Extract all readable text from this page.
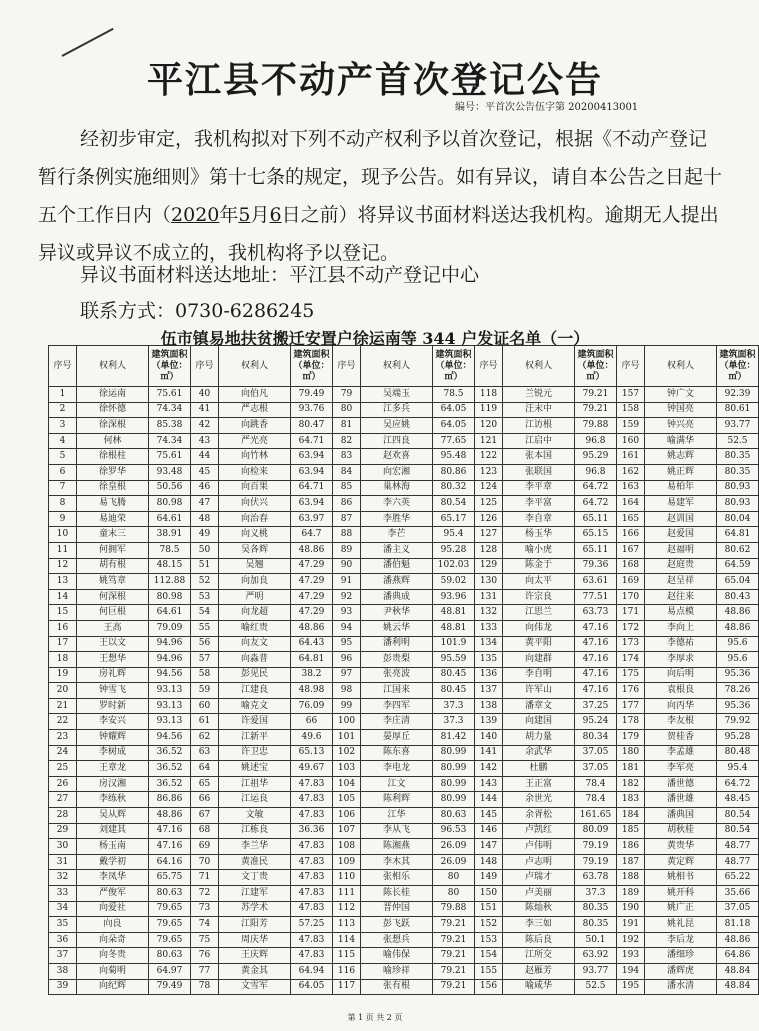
平江县不动产首次登记公告
编号：平首次公告伍字第 20200413001
经初步审定，我机构拟对下列不动产权利予以首次登记，根据《不动产登记暂行条例实施细则》第十七条的规定，现予公告。如有异议，请自本公告之日起十五个工作日内（2020年5月6日之前）将异议书面材料送达我机构。逾期无人提出异议或异议不成立的，我机构将予以登记。
异议书面材料送达地址：平江县不动产登记中心
联系方式：0730-6286245
伍市镇易地扶贫搬迁安置户徐运南等 344 户发证名单（一）
序号	权利人	建筑面积（单位：㎡）	序号	权利人	建筑面积（单位：㎡）	序号	权利人	建筑面积（单位：㎡）	序号	权利人	建筑面积（单位：㎡）	序号	权利人	建筑面积（单位：㎡）
1	徐运南	75.61	40	向伯凡	79.49	79	吴端玉	78.5	118	兰锐元	79.21	157	钟广文	92.39
2	徐怀德	74.34	41	严志根	93.76	80	江多兵	64.05	119	汪末中	79.21	158	钟国亮	80.61
3	徐深根	85.38	42	向跳香	80.47	81	吴应姚	64.05	120	江访根	79.88	159	钟兴亮	93.77
4	何林	74.34	43	严光亮	64.71	82	江四良	77.65	121	江启中	96.8	160	喻满华	52.5
5	徐根柱	75.61	44	向竹林	63.94	83	赵欢喜	95.48	122	张本国	95.29	161	姚志辉	80.35
6	徐罗华	93.48	45	向检来	63.94	84	向宏湘	80.86	123	张联国	96.8	162	姚正辉	80.35
7	徐皇根	50.56	46	向百果	64.71	85	巢林海	80.32	124	李平章	64.72	163	易柏年	80.93
8	易飞腾	80.98	47	向伏兴	63.94	86	李六英	80.54	125	李平富	64.72	164	易建军	80.93
9	易迪荣	64.61	48	向治春	63.97	87	李胜华	65.17	126	李自章	65.11	165	赵训国	80.04
10	童末三	38.91	49	向义桃	64.7	88	李芒	95.4	127	杨玉华	65.15	166	赵爱国	64.81
11	何拥军	78.5	50	吴各辉	48.86	89	潘主义	95.28	128	喻小虎	65.11	167	赵福明	80.62
12	胡有根	48.15	51	吴翘	47.29	90	潘伯魁	102.03	129	陈金于	79.36	168	赵庭贵	64.59
13	姚笃章	112.88	52	向加良	47.29	91	潘燕辉	59.02	130	向太平	63.61	169	赵呈祥	65.04
14	何深根	80.98	53	严明	47.29	92	潘典成	93.96	131	许宗良	77.51	170	赵往来	80.43
15	何巨根	64.61	54	向龙超	47.29	93	尹秋华	48.81	132	江思兰	63.73	171	易点模	48.86
16	王高	79.09	55	喻红贵	48.86	94	姚云华	48.81	133	向伟龙	47.16	172	李向上	48.86
17	王以文	94.96	56	向友文	64.43	95	潘利明	101.9	134	黄平阳	47.16	173	李德祐	95.6
18	王想华	94.96	57	向淼普	64.81	96	彭贵梨	95.59	135	向建群	47.16	174	李厚求	95.6
19	房礼辉	94.56	58	彭见民	38.2	97	张亮波	80.45	136	李自明	47.16	175	向后明	95.36
20	钟雪飞	93.13	59	江建良	48.98	98	江国来	80.45	137	许军山	47.16	176	袁根良	78.26
21	罗时新	93.13	60	喻克文	76.09	99	李四军	37.3	138	潘章文	37.25	177	向丙华	95.36
22	李安兴	93.13	61	许爱国	66	100	李庄清	37.3	139	向建国	95.24	178	李友根	79.92
23	钟耀辉	94.56	62	江新平	49.6	101	晏厚丘	81.42	140	胡力量	80.34	179	贺桂香	95.28
24	李树成	36.52	63	许卫忠	65.13	102	陈东喜	80.99	141	余武华	37.05	180	李孟雄	80.48
25	王章龙	36.52	64	姚述宝	49.67	103	李电龙	80.99	142	杜鹏	37.05	181	李军亮	95.4
26	房汉湘	36.52	65	江祖华	47.83	104	江文	80.99	143	王正富	78.4	182	潘世德	64.72
27	李练秋	86.86	66	江运良	47.83	105	陈利辉	80.99	144	余世光	78.4	183	潘世雄	48.45
28	吴从辉	48.86	67	文敏	47.83	106	江华	80.63	145	余胥松	161.65	184	潘典国	80.54
29	刘建其	47.16	68	江栋良	36.36	107	李从飞	96.53	146	卢凯红	80.09	185	胡秋桂	80.54
30	杨玉南	47.16	69	李兰华	47.83	108	陈湘燕	26.09	147	卢伟明	79.19	186	黄贵华	48.77
31	戴学初	64.16	70	黄准民	47.83	109	李木其	26.09	148	卢志明	79.19	187	黄定辉	48.77
32	李凤华	65.75	71	文丁贵	47.83	110	张相乐	80	149	卢瑞才	63.78	188	姚相书	65.22
33	严俊军	80.63	72	江建军	47.83	111	陈长桂	80	150	卢美丽	37.3	189	姚开科	35.66
34	向爱社	79.65	73	苏学术	47.83	112	晋仲国	79.88	151	陈灿秋	80.35	190	姚广正	37.05
35	向良	79.65	74	江阳芳	57.25	113	彭飞跃	79.21	152	李三如	80.35	191	姚礼昆	81.18
36	向朵奇	79.65	75	周庆华	47.83	114	张想兵	79.21	153	陈后良	50.1	192	李后龙	48.86
37	向冬贵	80.63	76	王庆辉	47.83	115	喻伟保	79.21	154	江所交	63.92	193	潘细珍	64.86
38	向菊明	64.97	77	黄金其	64.94	116	喻珍祥	79.21	155	赵雁芳	93.77	194	潘辉虎	48.84
39	向纪辉	79.49	78	文雪军	64.05	117	张有根	79.21	156	喻咸华	52.5	195	潘水清	48.84
第 1 页 共 2 页
